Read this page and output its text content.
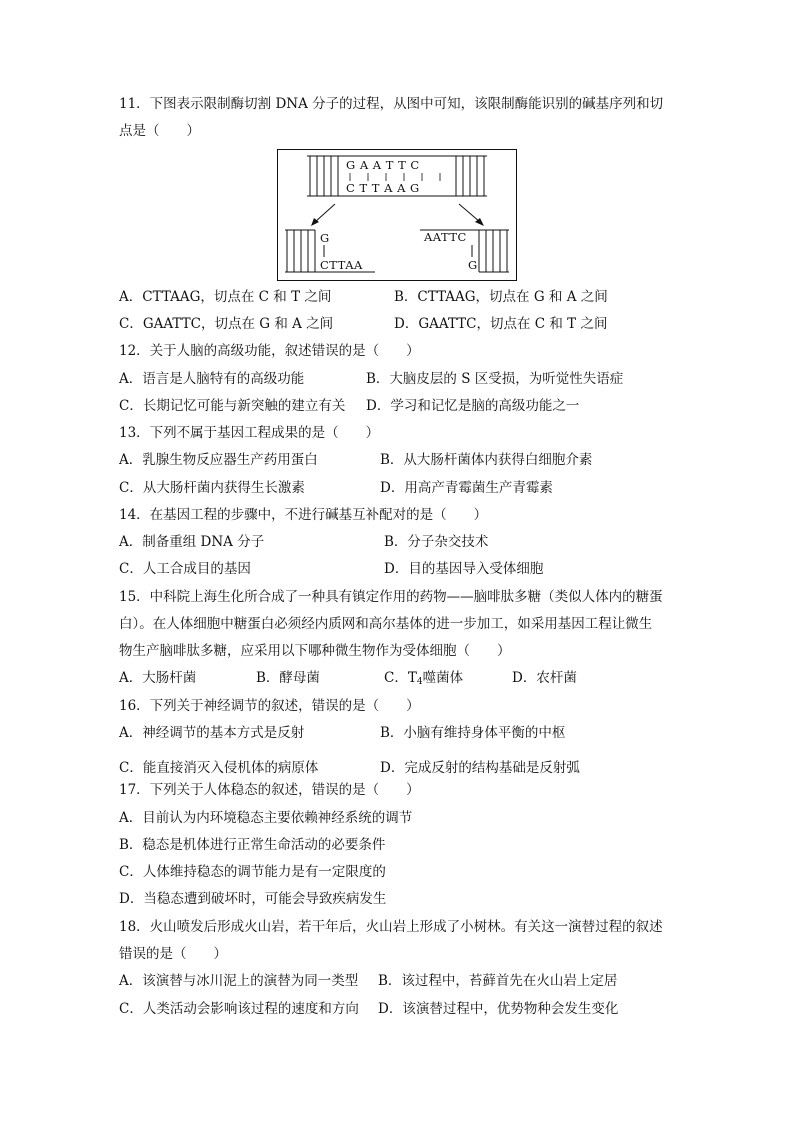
11．下图表示限制酶切割 DNA 分子的过程，从图中可知，该限制酶能识别的碱基序列和切
点是（　　）
G A A T T C
C T T A A G
G
CTTAA
AATTC
G
A．CTTAAG，切点在 C 和 T 之间	B．CTTAAG，切点在 G 和 A 之间
C．GAATTC，切点在 G 和 A 之间	D．GAATTC，切点在 C 和 T 之间
12．关于人脑的高级功能，叙述错误的是（　　）
A．语言是人脑特有的高级功能	B．大脑皮层的 S 区受损，为听觉性失语症
C．长期记忆可能与新突触的建立有关 D．学习和记忆是脑的高级功能之一
13．下列不属于基因工程成果的是（　　）
A．乳腺生物反应器生产药用蛋白	B．从大肠杆菌体内获得白细胞介素
C．从大肠杆菌内获得生长激素	D．用高产青霉菌生产青霉素
14．在基因工程的步骤中，不进行碱基互补配对的是（　　）
A．制备重组 DNA 分子	B．分子杂交技术
C．人工合成目的基因	D．目的基因导入受体细胞
15．中科院上海生化所合成了一种具有镇定作用的药物——脑啡肽多糖（类似人体内的糖蛋
白）。在人体细胞中糖蛋白必须经内质网和高尔基体的进一步加工，如采用基因工程让微生
物生产脑啡肽多糖，应采用以下哪种微生物作为受体细胞（　　）
A．大肠杆菌	B．酵母菌	C．$T_4$噬菌体	D．农杆菌
16．下列关于神经调节的叙述，错误的是（　　）
A．神经调节的基本方式是反射	B．小脑有维持身体平衡的中枢
C．能直接消灭入侵机体的病原体	D．完成反射的结构基础是反射弧
17．下列关于人体稳态的叙述，错误的是（　　）
A．目前认为内环境稳态主要依赖神经系统的调节
B．稳态是机体进行正常生命活动的必要条件
C．人体维持稳态的调节能力是有一定限度的
D．当稳态遭到破坏时，可能会导致疾病发生
18．火山喷发后形成火山岩，若干年后，火山岩上形成了小树林。有关这一演替过程的叙述
错误的是（　　）
A．该演替与冰川泥上的演替为同一类型 B．该过程中，苔藓首先在火山岩上定居
C．人类活动会影响该过程的速度和方向 D．该演替过程中，优势物种会发生变化
